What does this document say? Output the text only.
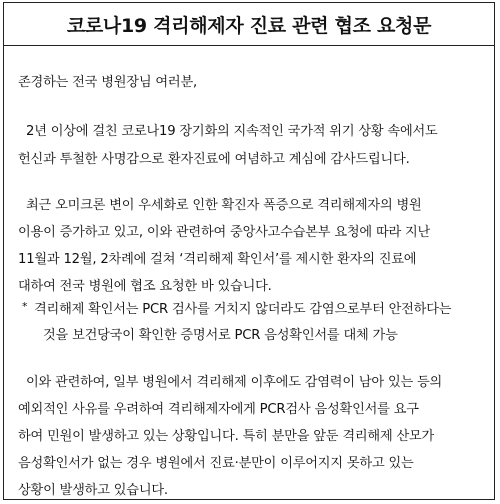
코로나19 격리해제자 진료 관련 협조 요청문
존경하는 전국 병원장님 여러분,
2년 이상에 걸친 코로나19 장기화의 지속적인 국가적 위기 상황 속에서도
헌신과 투철한 사명감으로 환자진료에 여념하고 계심에 감사드립니다.
최근 오미크론 변이 우세화로 인한 확진자 폭증으로 격리해제자의 병원
이용이 증가하고 있고, 이와 관련하여 중앙사고수습본부 요청에 따라 지난
11월과 12월, 2차례에 걸쳐 ‘격리해제 확인서’를 제시한 환자의 진료에
대하여 전국 병원에 협조 요청한 바 있습니다.
* 격리해제 확인서는 PCR 검사를 거치지 않더라도 감염으로부터 안전하다는
것을 보건당국이 확인한 증명서로 PCR 음성확인서를 대체 가능
이와 관련하여, 일부 병원에서 격리해제 이후에도 감염력이 남아 있는 등의
예외적인 사유를 우려하여 격리해제자에게 PCR검사 음성확인서를 요구
하여 민원이 발생하고 있는 상황입니다. 특히 분만을 앞둔 격리해제 산모가
음성확인서가 없는 경우 병원에서 진료·분만이 이루어지지 못하고 있는
상황이 발생하고 있습니다.
